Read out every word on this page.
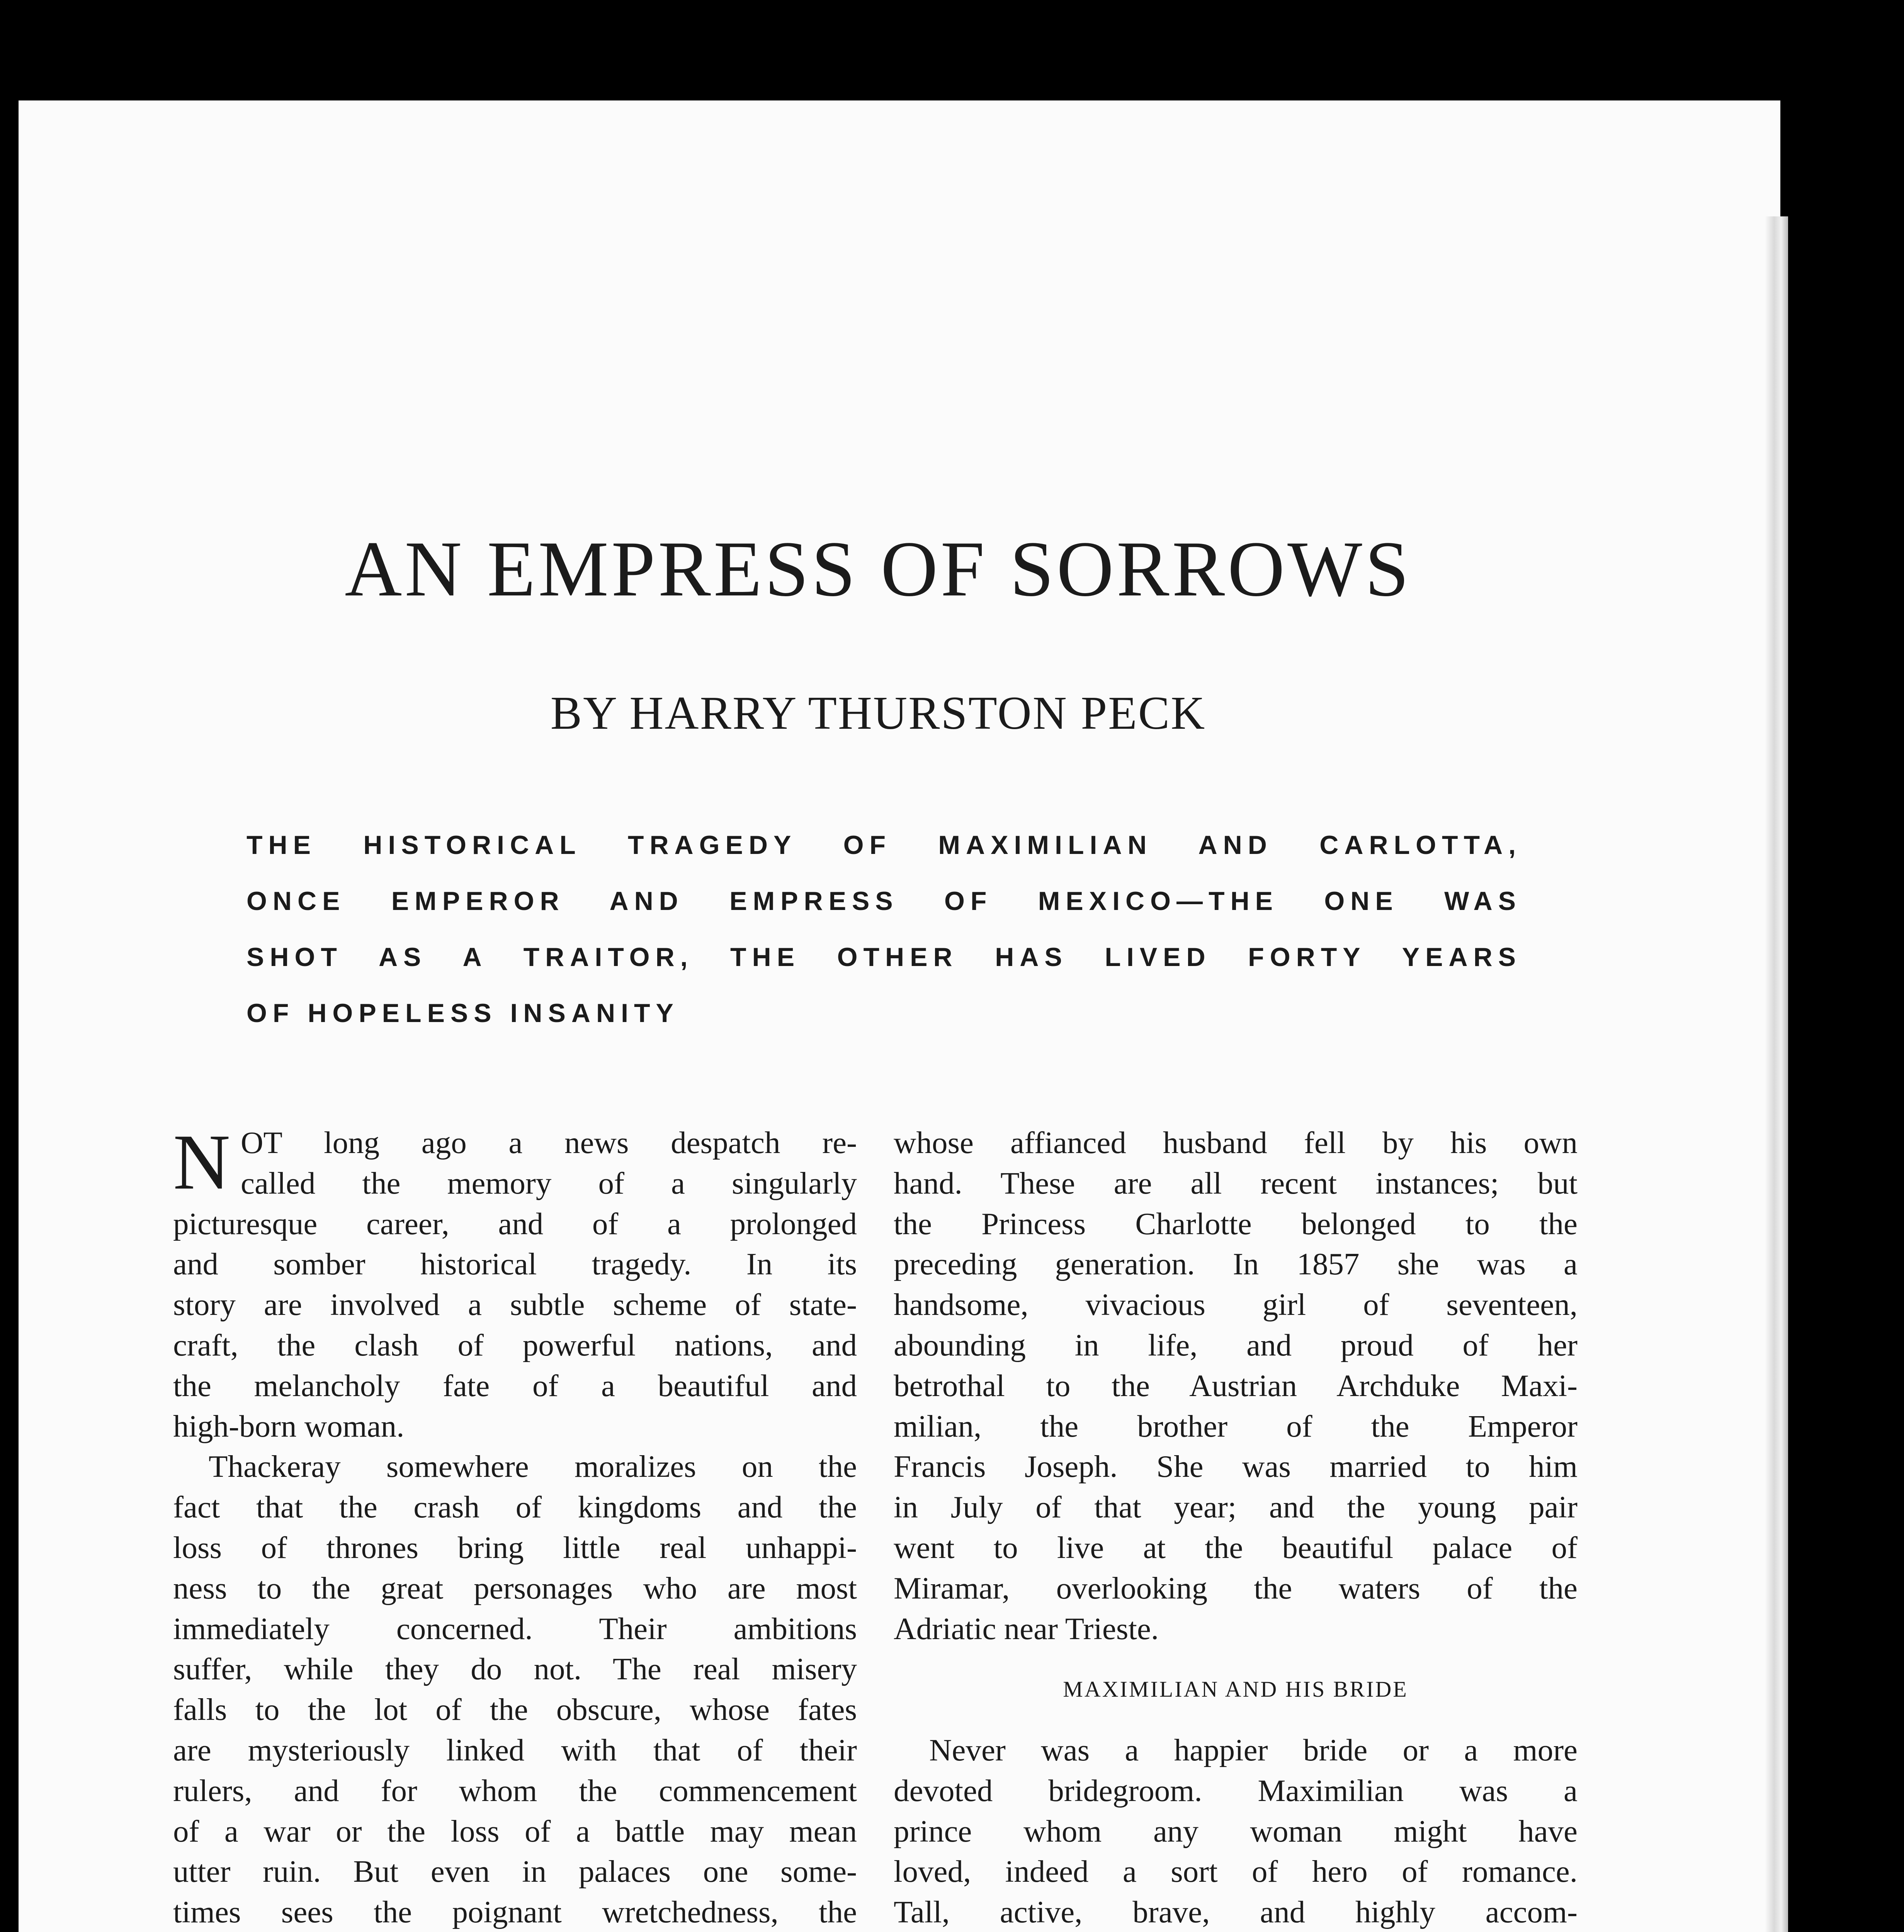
AN EMPRESS OF SORROWS
BY HARRY THURSTON PECK
THE HISTORICAL TRAGEDY OF MAXIMILIAN AND CARLOTTA,
ONCE EMPEROR AND EMPRESS OF MEXICO—THE ONE WAS
SHOT AS A TRAITOR, THE OTHER HAS LIVED FORTY YEARS
OF HOPELESS INSANITY
N OT long ago a news despatch re-
called the memory of a singularly
picturesque career, and of a prolonged
and somber historical tragedy. In its
story are involved a subtle scheme of state-
craft, the clash of powerful nations, and
the melancholy fate of a beautiful and
high-born woman.
Thackeray somewhere moralizes on the
fact that the crash of kingdoms and the
loss of thrones bring little real unhappi-
ness to the great personages who are most
immediately concerned. Their ambitions
suffer, while they do not. The real misery
falls to the lot of the obscure, whose fates
are mysteriously linked with that of their
rulers, and for whom the commencement
of a war or the loss of a battle may mean
utter ruin. But even in palaces one some-
times sees the poignant wretchedness, the
whose affianced husband fell by his own
hand. These are all recent instances; but
the Princess Charlotte belonged to the
preceding generation. In 1857 she was a
handsome, vivacious girl of seventeen,
abounding in life, and proud of her
betrothal to the Austrian Archduke Maxi-
milian, the brother of the Emperor
Francis Joseph. She was married to him
in July of that year; and the young pair
went to live at the beautiful palace of
Miramar, overlooking the waters of the
Adriatic near Trieste.
MAXIMILIAN AND HIS BRIDE
Never was a happier bride or a more
devoted bridegroom. Maximilian was a
prince whom any woman might have
loved, indeed a sort of hero of romance.
Tall, active, brave, and highly accom-
